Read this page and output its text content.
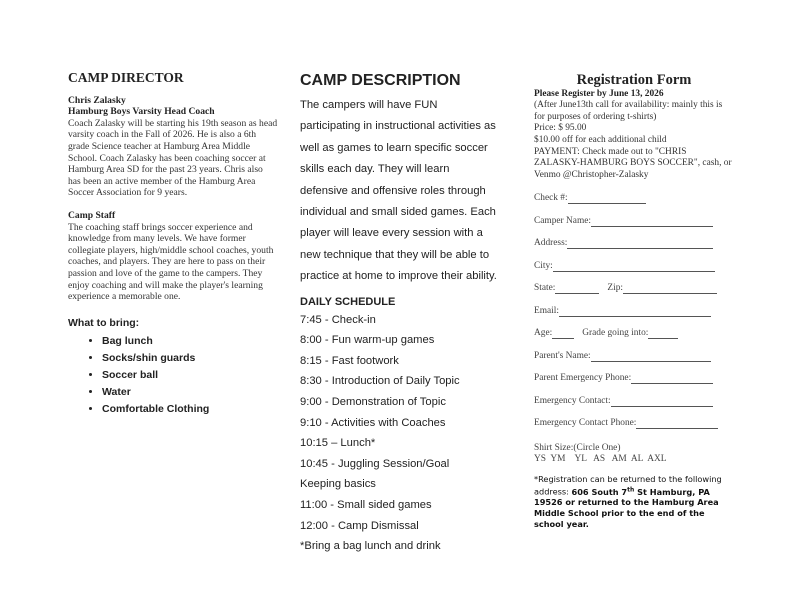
CAMP DIRECTOR
Chris Zalasky
Hamburg Boys Varsity Head Coach

Coach Zalasky will be starting his 19th season as head varsity coach in the Fall of 2026. He is also a 6th grade Science teacher at Hamburg Area Middle School. Coach Zalasky has been coaching soccer at Hamburg Area SD for the past 23 years. Chris also has been an active member of the Hamburg Area Soccer Association for 9 years.

Camp Staff

The coaching staff brings soccer experience and knowledge from many levels. We have former collegiate players, high/middle school coaches, youth coaches, and players. They are here to pass on their passion and love of the game to the campers. They enjoy coaching and will make the player's learning experience a memorable one.

What to bring:
• Bag lunch
• Socks/shin guards
• Soccer ball
• Water
• Comfortable Clothing
CAMP DESCRIPTION

The campers will have FUN participating in instructional activities as well as games to learn specific soccer skills each day. They will learn defensive and offensive roles through individual and small sided games. Each player will leave every session with a new technique that they will be able to practice at home to improve their ability.

DAILY SCHEDULE
7:45 - Check-in
8:00 - Fun warm-up games
8:15 - Fast footwork
8:30 - Introduction of Daily Topic
9:00 - Demonstration of Topic
9:10 - Activities with Coaches
10:15 – Lunch*
10:45 - Juggling Session/Goal
Keeping basics
11:00 - Small sided games
12:00 - Camp Dismissal
*Bring a bag lunch and drink
Registration Form
Please Register by June 13, 2026
(After June13th call for availability: mainly this is for purposes of ordering t-shirts)
Price: $ 95.00
$10.00 off for each additional child
PAYMENT: Check made out to "CHRIS ZALASKY-HAMBURG BOYS SOCCER", cash, or Venmo @Christopher-Zalasky
Check #:
Camper Name:
Address:
City:
State:	Zip:
Email:
Age:	Grade going into:
Parent's Name:
Parent Emergency Phone:
Emergency Contact:
Emergency Contact Phone:
Shirt Size:(Circle One)
YS  YM    YL   AS   AM  AL  AXL
*Registration can be returned to the following address: 606 South 7th St Hamburg, PA 19526 or returned to the Hamburg Area Middle School prior to the end of the school year.
